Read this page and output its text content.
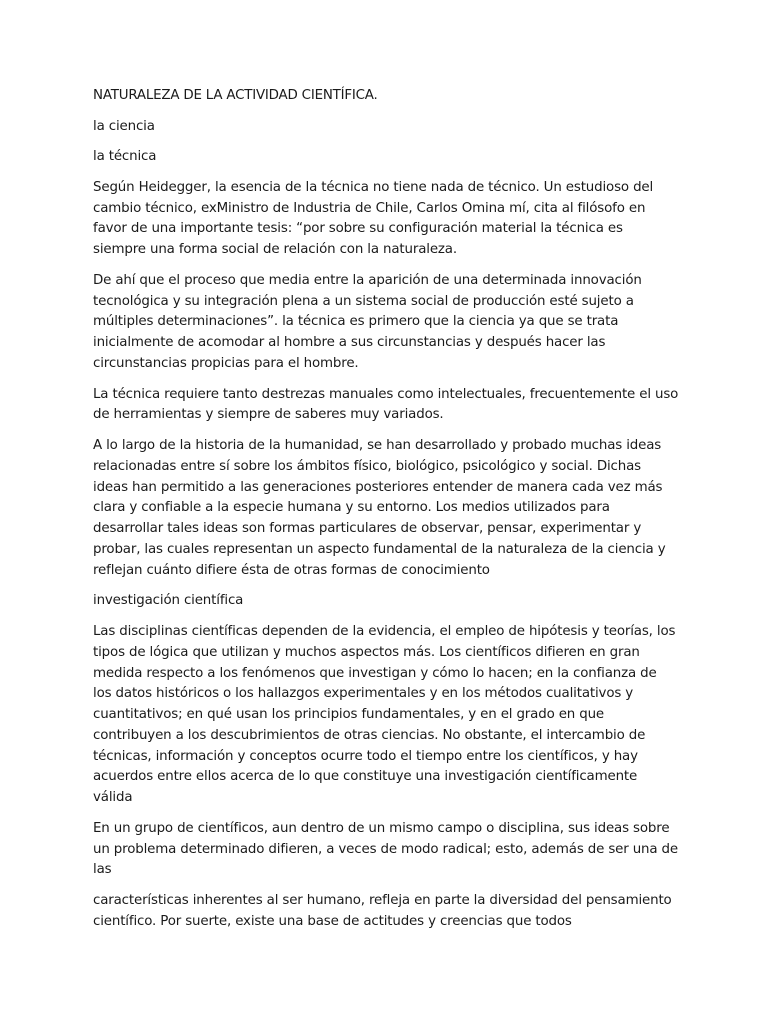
NATURALEZA DE LA ACTIVIDAD CIENTÍFICA.

la ciencia

la técnica

Según Heidegger, la esencia de la técnica no tiene nada de técnico. Un estudioso del cambio técnico, exMinistro de Industria de Chile, Carlos Omina mí, cita al filósofo en favor de una importante tesis: “por sobre su configuración material la técnica es siempre una forma social de relación con la naturaleza.

De ahí que el proceso que media entre la aparición de una determinada innovación tecnológica y su integración plena a un sistema social de producción esté sujeto a múltiples determinaciones”. la técnica es primero que la ciencia ya que se trata inicialmente de acomodar al hombre a sus circunstancias y después hacer las circunstancias propicias para el hombre.

La técnica requiere tanto destrezas manuales como intelectuales, frecuentemente el uso de herramientas y siempre de saberes muy variados.

A lo largo de la historia de la humanidad, se han desarrollado y probado muchas ideas relacionadas entre sí sobre los ámbitos físico, biológico, psicológico y social. Dichas ideas han permitido a las generaciones posteriores entender de manera cada vez más clara y confiable a la especie humana y su entorno. Los medios utilizados para desarrollar tales ideas son formas particulares de observar, pensar, experimentar y probar, las cuales representan un aspecto fundamental de la naturaleza de la ciencia y reflejan cuánto difiere ésta de otras formas de conocimiento

investigación científica

Las disciplinas científicas dependen de la evidencia, el empleo de hipótesis y teorías, los tipos de lógica que utilizan y muchos aspectos más. Los científicos difieren en gran medida respecto a los fenómenos que investigan y cómo lo hacen; en la confianza de los datos históricos o los hallazgos experimentales y en los métodos cualitativos y cuantitativos; en qué usan los principios fundamentales, y en el grado en que contribuyen a los descubrimientos de otras ciencias. No obstante, el intercambio de técnicas, información y conceptos ocurre todo el tiempo entre los científicos, y hay acuerdos entre ellos acerca de lo que constituye una investigación científicamente válida

En un grupo de científicos, aun dentro de un mismo campo o disciplina, sus ideas sobre un problema determinado difieren, a veces de modo radical; esto, además de ser una de las

características inherentes al ser humano, refleja en parte la diversidad del pensamiento científico. Por suerte, existe una base de actitudes y creencias que todos
